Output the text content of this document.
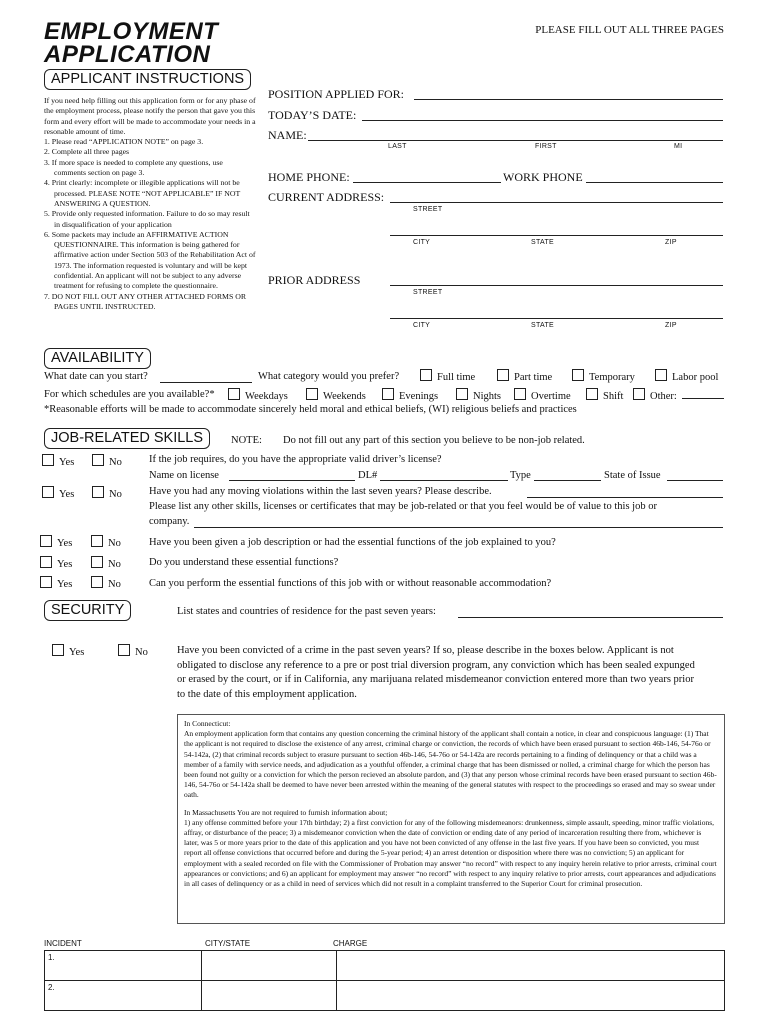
EMPLOYMENT
APPLICATION
PLEASE FILL OUT ALL THREE PAGES
APPLICANT INSTRUCTIONS

If you need help filling out this application form or for any phase of the employment process, please notify the person that gave you this form and every effort will be made to accommodate your needs in a resonable amount of time.

1. Please read “APPLICATION NOTE” on page 3.
2. Complete all three pages
3. If more space is needed to complete any questions, use comments section on page 3.
4. Print clearly: incomplete or illegible applications will not be processed. PLEASE NOTE “NOT APPLICABLE” IF NOT ANSWERING A QUESTION.
5. Provide only requested information. Failure to do so may result in disqualification of your application
6. Some packets may include an AFFIRMATIVE ACTION QUESTIONNAIRE. This information is being gathered for affirmative action under Section 503 of the Rehabilitation Act of 1973. The information requested is voluntary and will be kept confidential. An applicant will not be subject to any adverse treatment for refusing to complete the questionnaire.
7. DO NOT FILL OUT ANY OTHER ATTACHED FORMS OR PAGES UNTIL INSTRUCTED.
POSITION APPLIED FOR:
TODAY’S DATE:
NAME:
LAST	FIRST	MI
HOME PHONE:	WORK PHONE
CURRENT ADDRESS:
STREET
CITY	STATE	ZIP
PRIOR ADDRESS
STREET
CITY	STATE	ZIP
AVAILABILITY
What date can you start?	What category would you prefer?	Full time	Part time	Temporary	Labor pool
For which schedules are you available?*	Weekdays	Weekends	Evenings	Nights	Overtime	Shift	Other:
*Reasonable efforts will be made to accommodate sincerely held moral and ethical beliefs, (WI) religious beliefs and practices
JOB-RELATED SKILLS	NOTE: Do not fill out any part of this section you believe to be non-job related.
Yes	No	If the job requires, do you have the appropriate valid driver’s license?
Name on license	DL#	Type	State of Issue
Yes	No	Have you had any moving violations within the last seven years? Please describe.
Please list any other skills, licenses or certificates that may be job-related or that you feel would be of value to this job or
company.
Yes	No	Have you been given a job description or had the essential functions of the job explained to you?
Yes	No	Do you understand these essential functions?
Yes	No	Can you perform the essential functions of this job with or without reasonable accommodation?
SECURITY	List states and countries of residence for the past seven years:
Yes	No	Have you been convicted of a crime in the past seven years? If so, please describe in the boxes below. Applicant is not
obligated to disclose any reference to a pre or post trial diversion program, any conviction which has been sealed expunged
or erased by the court, or if in California, any marijuana related misdemeanor conviction entered more than two years prior
to the date of this employment application.

In Connecticut:

An employment application form that contains any question concerning the criminal history of the applicant shall contain a notice, in clear and conspicuous language: (1) That the applicant is not required to disclose the existence of any arrest, criminal charge or conviction, the records of which have been erased pursuant to section 46b-146, 54-76o or 54-142a, (2) that criminal records subject to erasure pursuant to section 46b-146, 54-76o or 54-142a are records pertaining to a finding of delinquency or that a child was a member of a family with service needs, and adjudication as a youthful offender, a criminal charge that has been dismissed or nolled, a criminal charge for which the person has been found not guilty or a conviction for which the person recieved an absolute pardon, and (3) that any person whose criminal records have been erased pursuant to section 46b-146, 54-76o or 54-142a shall be deemed to have never been arrested within the meaning of the general statutes with respect to the proceedings so erased and may so swear under oath.

In Massachusetts You are not required to furnish information about;

1) any offense committed before your 17th birthday; 2) a first conviction for any of the following misdemeanors: drunkenness, simple assault, speeding, minor traffic violations, affray, or disturbance of the peace; 3) a misdemeanor conviction when the date of conviction or ending date of any period of incarceration resulting there from, whichever is later, was 5 or more years prior to the date of this application and you have not been convicted of any offense in the last five years. If you have been so convicted, you must report all offense convictions that occurred before and during the 5-year period; 4) an arrest detention or disposition where there was no conviction; 5) an applicant for employment with a sealed recorded on file with the Commissioner of Probation may answer “no record” with respect to any inquiry herein relative to prior arrests, criminal court appearances or convictions; and 6) an applicant for employment may answer “no record” with respect to any inquiry relative to prior arrests, court appearances and adjudications in all cases of delinquency or as a child in need of services which did not result in a complaint transferred to the Superior Court for criminal prosecution.

INCIDENT	CITY/STATE	CHARGE
1.		
2.		
